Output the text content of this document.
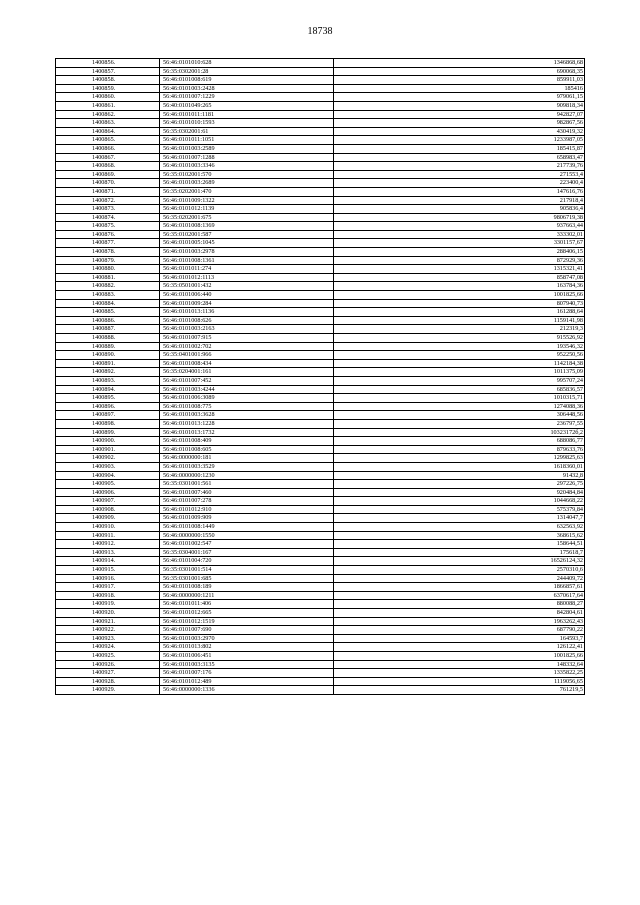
18738
1400856.	56:46:0101010:628	1346868,68
1400857.	56:35:0302001:28	690068,35
1400858.	56:46:0101008:619	859911,03
1400859.	56:46:0101003:2428	185416
1400860.	56:46:0101007:1229	979061,15
1400861.	56:40:0101049:265	909818,34
1400862.	56:46:0101011:1181	942827,07
1400863.	56:46:0101010:1593	982867,56
1400864.	56:35:0302001:61	430419,32
1400865.	56:46:0101011:1051	1233987,05
1400866.	56:46:0101003:2589	185415,87
1400867.	56:46:0101007:1288	658983,47
1400868.	56:46:0101003:3346	217739,76
1400869.	56:35:0102001:570	271553,4
1400870.	56:46:0101003:2689	223400,4
1400871.	56:35:0202001:470	147616,76
1400872.	56:46:0101009:1322	217918,4
1400873.	56:46:0101012:1139	905836,4
1400874.	56:35:0202001:675	9806719,38
1400875.	56:46:0101008:1369	937663,44
1400876.	56:35:0102001:587	333302,01
1400877.	56:46:0101005:1045	3301157,67
1400878.	56:46:0101003:2978	288406,15
1400879.	56:46:0101008:1361	872929,36
1400880.	56:46:0101011:274	1315321,41
1400881.	56:46:0101012:1113	858747,08
1400882.	56:35:0501001:432	163784,36
1400883.	56:46:0101006:440	1001825,66
1400884.	56:46:0101009:284	807940,73
1400885.	56:46:0101013:1136	161288,64
1400886.	56:46:0101008:626	1159141,98
1400887.	56:46:0101003:2163	212319,3
1400888.	56:46:0101007:915	915526,92
1400889.	56:46:0101002:702	193546,32
1400890.	56:35:0401001:966	952250,56
1400891.	56:46:0101008:434	1142184,38
1400892.	56:35:0204001:161	1011375,09
1400893.	56:46:0101007:452	995707,24
1400894.	56:46:0101003:4244	685836,57
1400895.	56:46:0101006:3089	1010315,71
1400896.	56:46:0101008:775	1274088,36
1400897.	56:46:0101003:3628	306448,56
1400898.	56:46:0101013:1228	236797,55
1400899.	56:46:0101013:1732	10323172б,2
1400900.	56:46:0101008:409	688086,77
1400901.	56:46:0101008:605	879633,76
1400902.	56:46:0000000:181	1299825,63
1400903.	56:46:0101003:3529	1618360,01
1400904.	56:46:0000000:1230	91432,8
1400905.	56:35:0301001:561	297226,75
1400906.	56:46:0101007:460	920484,84
1400907.	56:46:0101007:278	1044668,22
1400908.	56:46:0101012:910	575379,84
1400909.	56:46:0101009:909	1314047,7
1400910.	56:46:0101008:1449	632563,92
1400911.	56:46:0000000:1550	368615,62
1400912.	56:46:0101002:547	158644,51
1400913.	56:35:0304001:167	175618,7
1400914.	56:46:0101004:720	16526124,32
1400915.	56:35:0301001:514	2570310,6
1400916.	56:35:0301001:685	244409,72
1400917.	56:40:0101008:189	1866857,61
1400918.	56:46:0000000:1211	6370617,64
1400919.	56:46:0101011:406	880088,27
1400920.	56:46:0101012:665	842804,61
1400921.	56:46:0101012:1519	1963262,43
1400922.	56:46:0101007:690	687790,22
1400923.	56:46:0101003:2970	164593,7
1400924.	56:46:0101013:802	126122,41
1400925.	56:46:0101006:451	1001825,66
1400926.	56:46:0101003:3135	148332,64
1400927.	56:46:0101007:176	1335822,25
1400928.	56:46:0101012:489	1119056,65
1400929.	56:46:0000000:1336	761219,5
